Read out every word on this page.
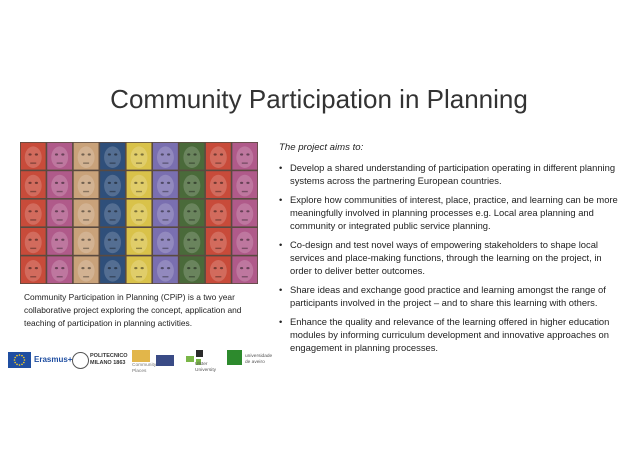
Community Participation in Planning
Community Participation in Planning (CPiP) is a two year collaborative project exploring the concept, application and teaching of participation in planning activities.
Erasmus+	POLITECNICO
MILANO 1863	Community Places
Ulster University
universidade de aveiro
The project aims to:
• Develop a shared understanding of participation operating in different planning systems across the partnering European countries.
• Explore how communities of interest, place, practice, and learning can be more meaningfully involved in planning processes e.g. Local area planning and community or integrated public service planning.
• Co-design and test novel ways of empowering stakeholders to shape local services and place-making functions, through the learning on the project, in order to deliver better outcomes.
• Share ideas and exchange good practice and learning amongst the range of participants involved in the project – and to share this learning with others.
• Enhance the quality and relevance of the learning offered in higher education modules by informing curriculum development and innovative approaches on engagement in planning processes.
